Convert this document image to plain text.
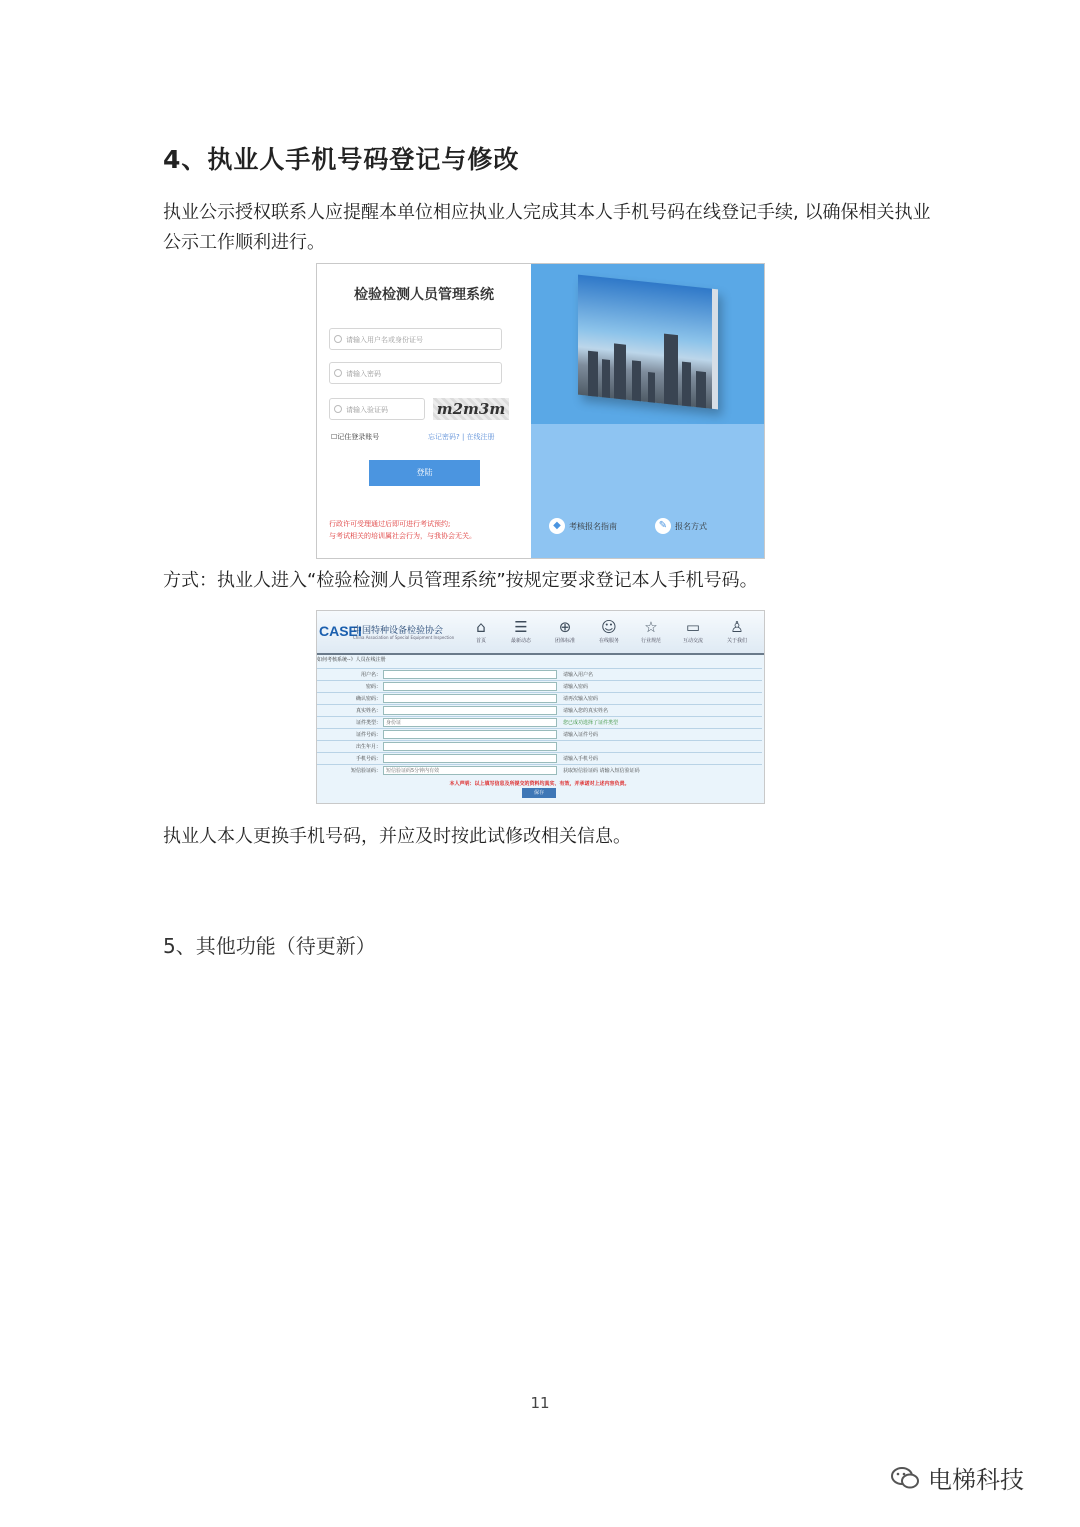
4、执业人手机号码登记与修改
执业公示授权联系人应提醒本单位相应执业人完成其本人手机号码在线登记手续, 以确保相关执业公示工作顺利进行。
检验检测人员管理系统
请输入用户名或身份证号
请输入密码
请输入验证码	m2m3m
☐记住登录账号	忘记密码? | 在线注册
登陆
行政许可受理通过后即可进行考试预约;
与考试相关的培训属社会行为，与我协会无关。
◆	考核报名指南	✎ 报名方式
方式：执业人进入“检验检测人员管理系统”按规定要求登记本人手机号码。
CASEI
中国特种设备检验协会
China Association of Special Equipment Inspection
⌂
首页
☰
最新动态
⊕
团体标准
☺
在线服务
☆
行业规范
▭
互动交流
♙
关于我们
如何考核系统--》人员在线注册
用户名：	请输入用户名
密码：	请输入密码
确认密码：	请再次输入密码
真实姓名：	请输入您的真实姓名
证件类型：	身份证	您已成功选择了证件类型
证件号码：	请输入证件号码
出生年月：
手机号码：	请输入手机号码
短信验证码：	短信验证码5分钟内有效	获取短信验证码 请输入短信验证码
本人声明：以上填写信息及所提交的资料均真实、有效，并承诺对上述内容负责。
保存
执业人本人更换手机号码，并应及时按此试修改相关信息。
5、其他功能（待更新）
11
电梯科技
